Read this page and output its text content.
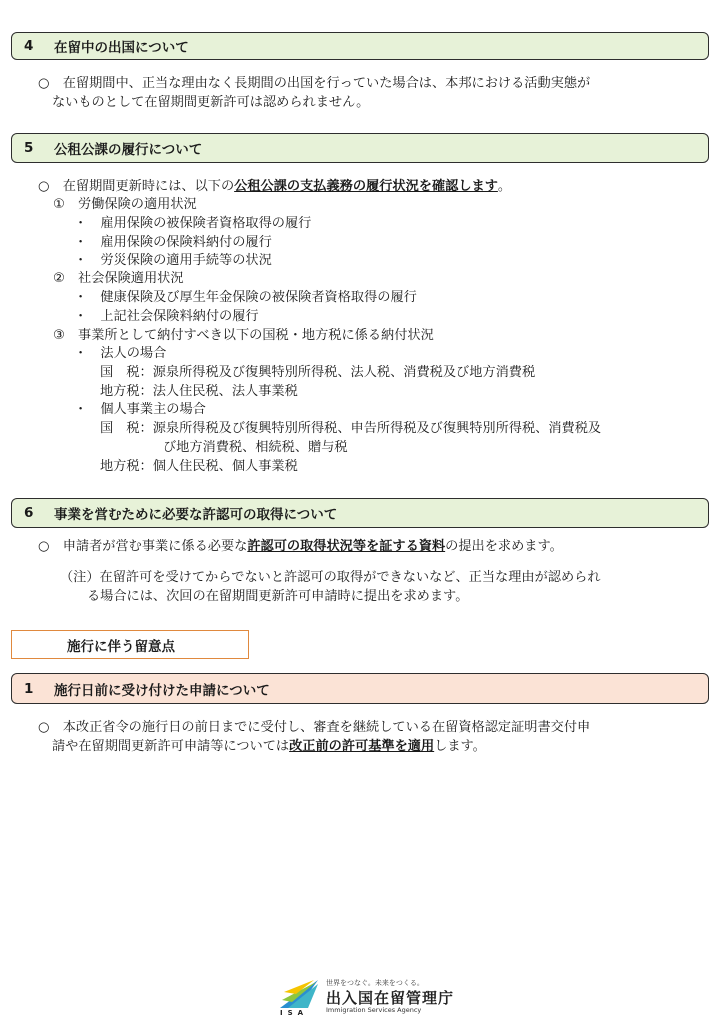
4	在留中の出国について
○　在留期間中、正当な理由なく長期間の出国を行っていた場合は、本邦における活動実態が
ないものとして在留期間更新許可は認められません。
5	公租公課の履行について
○　在留期間更新時には、以下の公租公課の支払義務の履行状況を確認します。
①　労働保険の適用状況
・　雇用保険の被保険者資格取得の履行
・　雇用保険の保険料納付の履行
・　労災保険の適用手続等の状況
②　社会保険適用状況
・　健康保険及び厚生年金保険の被保険者資格取得の履行
・　上記社会保険料納付の履行
③　事業所として納付すべき以下の国税・地方税に係る納付状況
・　法人の場合
国　税：源泉所得税及び復興特別所得税、法人税、消費税及び地方消費税
地方税：法人住民税、法人事業税
・　個人事業主の場合
国　税：源泉所得税及び復興特別所得税、申告所得税及び復興特別所得税、消費税及
び地方消費税、相続税、贈与税
地方税：個人住民税、個人事業税
6	事業を営むために必要な許認可の取得について
○　申請者が営む事業に係る必要な許認可の取得状況等を証する資料の提出を求めます。
（注）在留許可を受けてからでないと許認可の取得ができないなど、正当な理由が認められ
る場合には、次回の在留期間更新許可申請時に提出を求めます。
施行に伴う留意点
1	施行日前に受け付けた申請について
○　本改正省令の施行日の前日までに受付し、審査を継続している在留資格認定証明書交付申
請や在留期間更新許可申請等については改正前の許可基準を適用します。
ISA
世界をつなぐ。未来をつくる。
出入国在留管理庁
Immigration Services Agency
